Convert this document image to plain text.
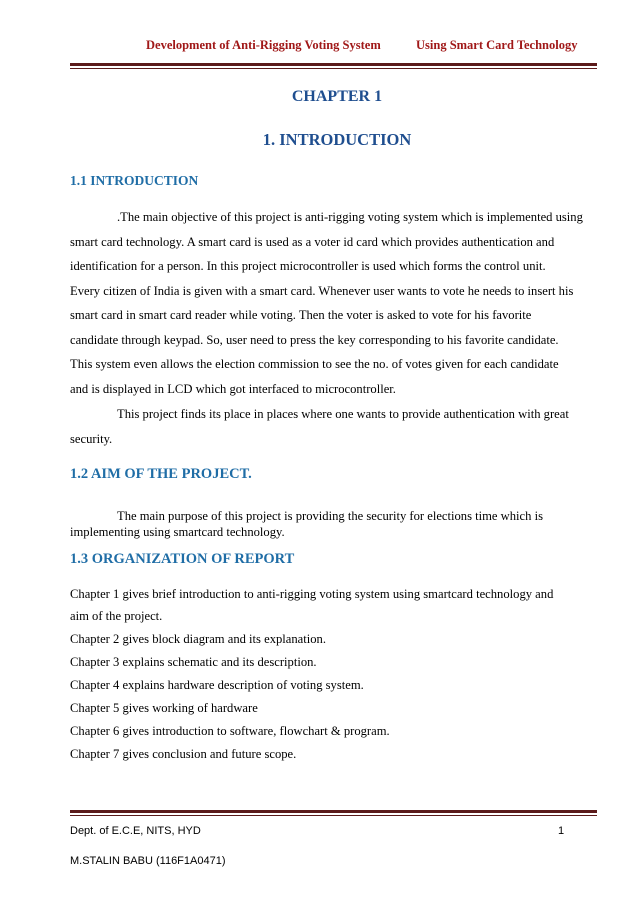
Development of Anti-Rigging Voting System	Using Smart Card Technology
CHAPTER 1
1. INTRODUCTION
1.1 INTRODUCTION
.The main objective of this project is anti-rigging voting system which is implemented using
smart card technology. A smart card is used as a voter id card which provides authentication and
identification for a person. In this project microcontroller is used which forms the control unit.
Every citizen of India is given with a smart card. Whenever user wants to vote he needs to insert his
smart card in smart card reader while voting. Then the voter is asked to vote for his favorite
candidate through keypad. So, user need to press the key corresponding to his favorite candidate.
This system even allows the election commission to see the no. of votes given for each candidate
and is displayed in LCD which got interfaced to microcontroller.
This project finds its place in places where one wants to provide authentication with great
security.
1.2 AIM OF THE PROJECT.
The main purpose of this project is providing the security for elections time which is
implementing using smartcard technology.
1.3 ORGANIZATION OF REPORT
Chapter 1 gives brief introduction to anti-rigging voting system using smartcard technology and
aim of the project.
Chapter 2 gives block diagram and its explanation.
Chapter 3 explains schematic and its description.
Chapter 4 explains hardware description of voting system.
Chapter 5 gives working of hardware
Chapter 6 gives introduction to software, flowchart & program.
Chapter 7 gives conclusion and future scope.
Dept. of E.C.E, NITS, HYD	1
M.STALIN BABU (116F1A0471)
